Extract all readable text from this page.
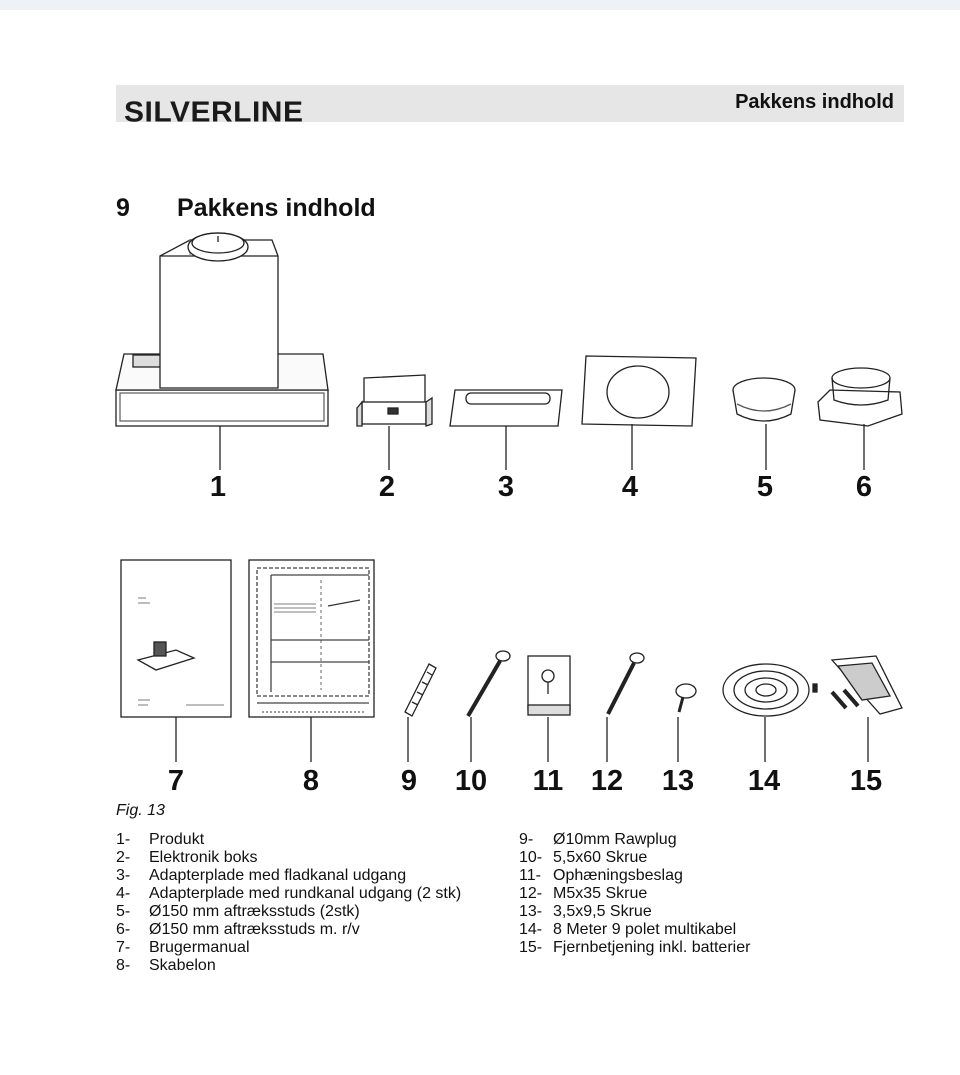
SILVERLINE	Pakkens indhold
9 Pakkens indhold
1	2	3	4	5	6
7	8	9 10 11 12 13 14 15
Fig. 13
1-	Produkt
2-	Elektronik boks
3-	Adapterplade med fladkanal udgang
4-	Adapterplade med rundkanal udgang (2 stk)
5-	Ø150 mm aftræksstuds (2stk)
6-	Ø150 mm aftræksstuds m. r/v
7-	Brugermanual
8-	Skabelon
9-	Ø10mm Rawplug
10- 5,5x60 Skrue
11- Ophæningsbeslag
12- M5x35 Skrue
13- 3,5x9,5 Skrue
14- 8 Meter 9 polet multikabel
15- Fjernbetjening inkl. batterier
